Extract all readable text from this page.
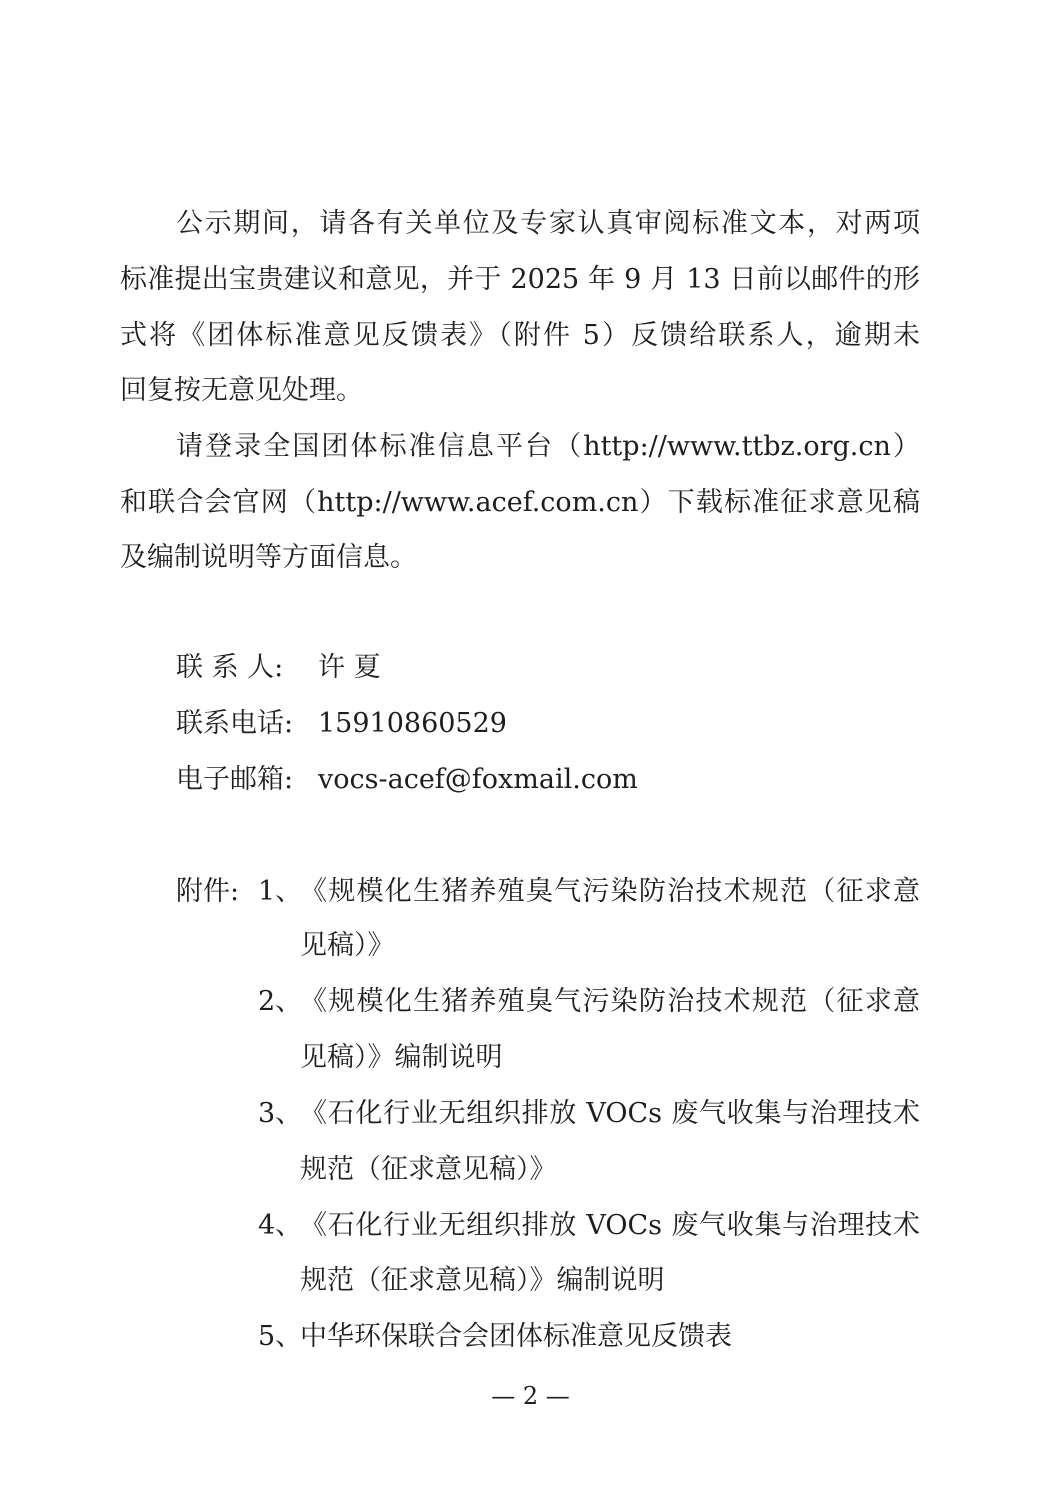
公示期间，请各有关单位及专家认真审阅标准文本，对两项
标准提出宝贵建议和意见，并于 2025 年 9 月 13 日前以邮件的形
式将《团体标准意见反馈表》（附件 5）反馈给联系人，逾期未
回复按无意见处理。
请登录全国团体标准信息平台（http://www.ttbz.org.cn）
和联合会官网（http://www.acef.com.cn）下载标准征求意见稿
及编制说明等方面信息。
联 系 人: 许 夏
联系电话: 15910860529
电子邮箱: vocs-acef@foxmail.com
附件: 1、
《规模化生猪养殖臭气污染防治技术规范（征求意
见稿）》
2、
《规模化生猪养殖臭气污染防治技术规范（征求意
见稿）》编制说明
3、
《石化行业无组织排放 VOCs 废气收集与治理技术
规范（征求意见稿）》
4、
《石化行业无组织排放 VOCs 废气收集与治理技术
规范（征求意见稿）》编制说明
5、
中华环保联合会团体标准意见反馈表
— 2 —
